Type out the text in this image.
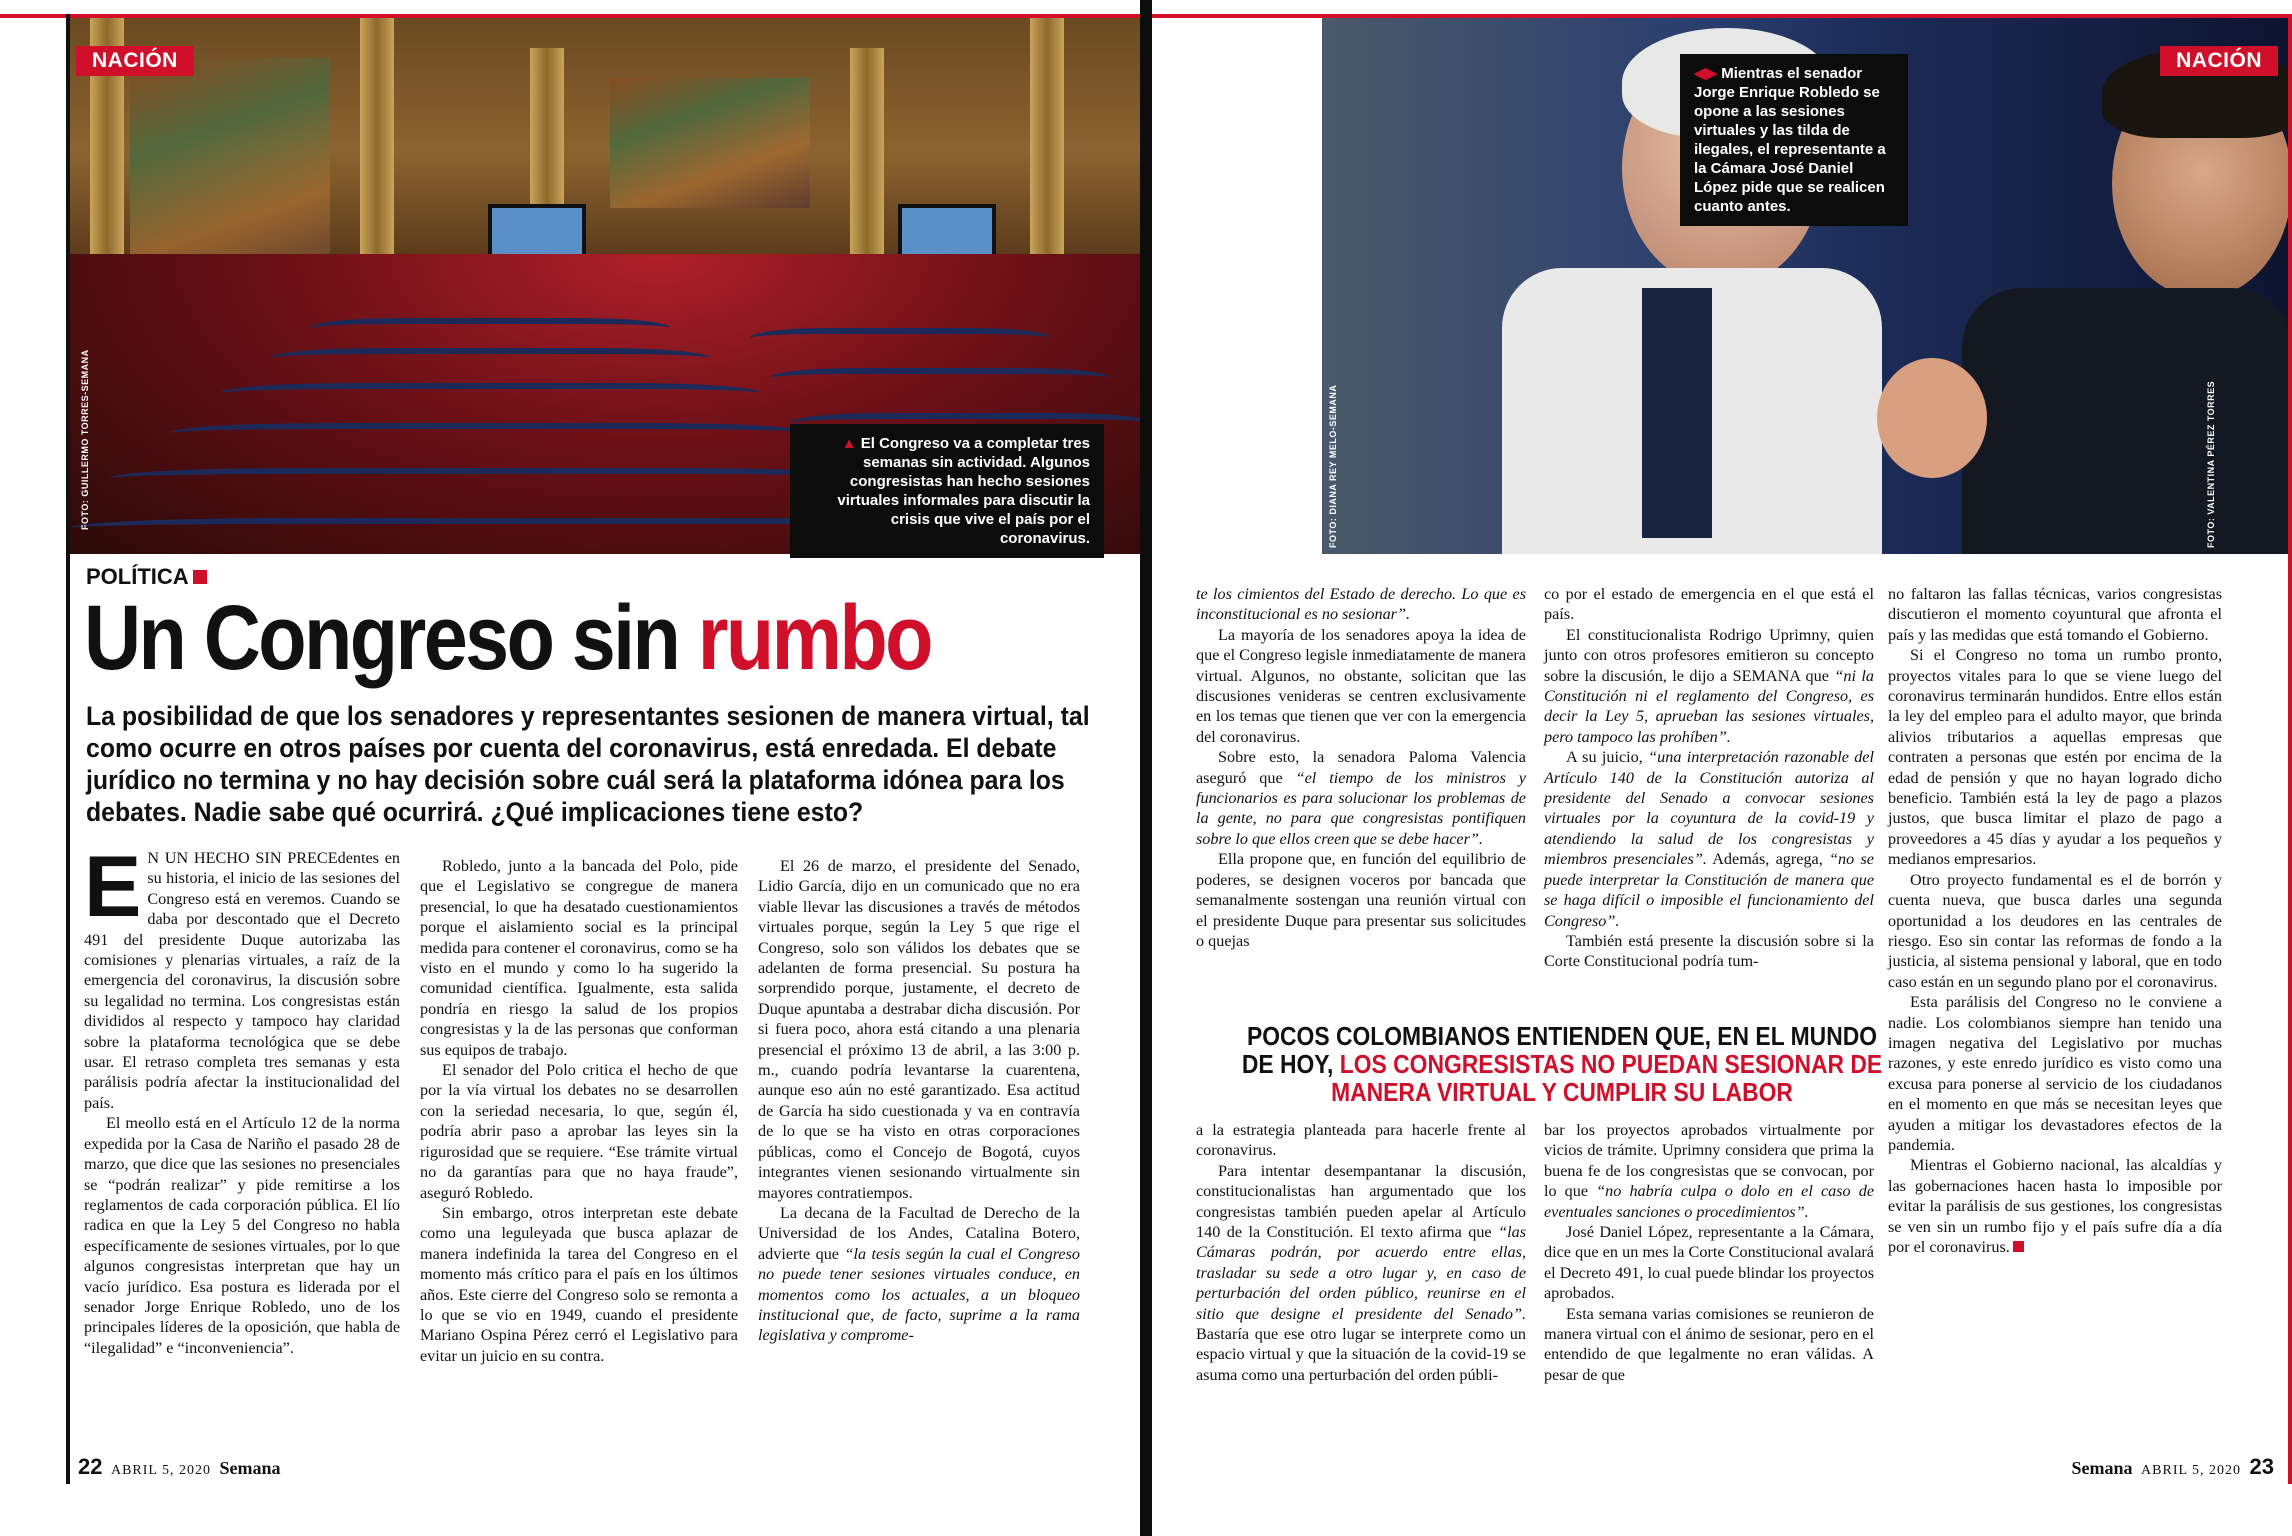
NACIÓN
FOTO: GUILLERMO TORRES-SEMANA	▲ El Congreso va a completar tres semanas sin actividad. Algunos congresistas han hecho sesiones virtuales informales para discutir la crisis que vive el país por el coronavirus.
POLÍTICA
Un Congreso sin rumbo
La posibilidad de que los senadores y representantes sesionen de manera virtual, tal como ocurre en otros países por cuenta del coronavirus, está enredada. El debate jurídico no termina y no hay decisión sobre cuál será la plataforma idónea para los debates. Nadie sabe qué ocurrirá. ¿Qué implicaciones tiene esto?

E N UN HECHO SIN PRECEdentes en su historia, el inicio de las sesiones del Congreso está en veremos. Cuando se daba por descontado que el Decreto 491 del presidente Duque autorizaba las comisiones y plenarias virtuales, a raíz de la emergencia del coronavirus, la discusión sobre su legalidad no termina. Los congresistas están divididos al respecto y tampoco hay claridad sobre la plataforma tecnológica que se debe usar. El retraso completa tres semanas y esta parálisis podría afectar la institucionalidad del país.

El meollo está en el Artículo 12 de la norma expedida por la Casa de Nariño el pasado 28 de marzo, que dice que las sesiones no presenciales se “podrán realizar” y pide remitirse a los reglamentos de cada corporación pública. El lío radica en que la Ley 5 del Congreso no habla específicamente de sesiones virtuales, por lo que algunos congresistas interpretan que hay un vacío jurídico. Esa postura es liderada por el senador Jorge Enrique Robledo, uno de los principales líderes de la oposición, que habla de “ilegalidad” e “inconveniencia”.

Robledo, junto a la bancada del Polo, pide que el Legislativo se congregue de manera presencial, lo que ha desatado cuestionamientos porque el aislamiento social es la principal medida para contener el coronavirus, como se ha visto en el mundo y como lo ha sugerido la comunidad científica. Igualmente, esta salida pondría en riesgo la salud de los propios congresistas y la de las personas que conforman sus equipos de trabajo.

El senador del Polo critica el hecho de que por la vía virtual los debates no se desarrollen con la seriedad necesaria, lo que, según él, podría abrir paso a aprobar las leyes sin la rigurosidad que se requiere. “Ese trámite virtual no da garantías para que no haya fraude”, aseguró Robledo.

Sin embargo, otros interpretan este debate como una leguleyada que busca aplazar de manera indefinida la tarea del Congreso en el momento más crítico para el país en los últimos años. Este cierre del Congreso solo se remonta a lo que se vio en 1949, cuando el presidente Mariano Ospina Pérez cerró el Legislativo para evitar un juicio en su contra.

El 26 de marzo, el presidente del Senado, Lidio García, dijo en un comunicado que no era viable llevar las discusiones a través de métodos virtuales porque, según la Ley 5 que rige el Congreso, solo son válidos los debates que se adelanten de forma presencial. Su postura ha sorprendido porque, justamente, el decreto de Duque apuntaba a destrabar dicha discusión. Por si fuera poco, ahora está citando a una plenaria presencial el próximo 13 de abril, a las 3:00 p. m., cuando podría levantarse la cuarentena, aunque eso aún no esté garantizado. Esa actitud de García ha sido cuestionada y va en contravía de lo que se ha visto en otras corporaciones públicas, como el Concejo de Bogotá, cuyos integrantes vienen sesionando virtualmente sin mayores contratiempos.

La decana de la Facultad de Derecho de la Universidad de los Andes, Catalina Botero, advierte que “la tesis según la cual el Congreso no puede tener sesiones virtuales conduce, en momentos como los actuales, a un bloqueo institucional que, de facto, suprime a la rama legislativa y comprome-

22 ABRIL 5, 2020 Semana
◀▶ Mientras el senador Jorge Enrique Robledo se opone a las sesiones virtuales y las tilda de ilegales, el representante a la Cámara José Daniel López pide que se realicen cuanto antes.
NACIÓN
FOTO: DIANA REY MELO-SEMANA	FOTO: VALENTINA PÉREZ TORRES

te los cimientos del Estado de derecho. Lo que es inconstitucional es no sesionar”.

La mayoría de los senadores apoya la idea de que el Congreso legisle inmediatamente de manera virtual. Algunos, no obstante, solicitan que las discusiones venideras se centren exclusivamente en los temas que tienen que ver con la emergencia del coronavirus.

Sobre esto, la senadora Paloma Valencia aseguró que “el tiempo de los ministros y funcionarios es para solucionar los problemas de la gente, no para que congresistas pontifiquen sobre lo que ellos creen que se debe hacer”.

Ella propone que, en función del equilibrio de poderes, se designen voceros por bancada que semanalmente sostengan una reunión virtual con el presidente Duque para presentar sus solicitudes o quejas

co por el estado de emergencia en el que está el país.

El constitucionalista Rodrigo Uprimny, quien junto con otros profesores emitieron su concepto sobre la discusión, le dijo a SEMANA que “ni la Constitución ni el reglamento del Congreso, es decir la Ley 5, aprueban las sesiones virtuales, pero tampoco las prohíben”.

A su juicio, “una interpretación razonable del Artículo 140 de la Constitución autoriza al presidente del Senado a convocar sesiones virtuales por la coyuntura de la covid-19 y atendiendo la salud de los congresistas y miembros presenciales”. Además, agrega, “no se puede interpretar la Constitución de manera que se haga difícil o imposible el funcionamiento del Congreso”.

También está presente la discusión sobre si la Corte Constitucional podría tum-

no faltaron las fallas técnicas, varios congresistas discutieron el momento coyuntural que afronta el país y las medidas que está tomando el Gobierno.

Si el Congreso no toma un rumbo pronto, proyectos vitales para lo que se viene luego del coronavirus terminarán hundidos. Entre ellos están la ley del empleo para el adulto mayor, que brinda alivios tributarios a aquellas empresas que contraten a personas que estén por encima de la edad de pensión y que no hayan logrado dicho beneficio. También está la ley de pago a plazos justos, que busca limitar el plazo de pago a proveedores a 45 días y ayudar a los pequeños y medianos empresarios.

Otro proyecto fundamental es el de borrón y cuenta nueva, que busca darles una segunda oportunidad a los deudores en las centrales de riesgo. Eso sin contar las reformas de fondo a la justicia, al sistema pensional y laboral, que en todo caso están en un segundo plano por el coronavirus.

Esta parálisis del Congreso no le conviene a nadie. Los colombianos siempre han tenido una imagen negativa del Legislativo por muchas razones, y este enredo jurídico es visto como una excusa para ponerse al servicio de los ciudadanos en el momento en que más se necesitan leyes que ayuden a mitigar los devastadores efectos de la pandemia.

Mientras el Gobierno nacional, las alcaldías y las gobernaciones hacen hasta lo imposible por evitar la parálisis de sus gestiones, los congresistas se ven sin un rumbo fijo y el país sufre día a día por el coronavirus.

a la estrategia planteada para hacerle frente al coronavirus.

Para intentar desempantanar la discusión, constitucionalistas han argumentado que los congresistas también pueden apelar al Artículo 140 de la Constitución. El texto afirma que “las Cámaras podrán, por acuerdo entre ellas, trasladar su sede a otro lugar y, en caso de perturbación del orden público, reunirse en el sitio que designe el presidente del Senado”. Bastaría que ese otro lugar se interprete como un espacio virtual y que la situación de la covid-19 se asuma como una perturbación del orden públi-

bar los proyectos aprobados virtualmente por vicios de trámite. Uprimny considera que prima la buena fe de los congresistas que se convocan, por lo que “no habría culpa o dolo en el caso de eventuales sanciones o procedimientos”.

José Daniel López, representante a la Cámara, dice que en un mes la Corte Constitucional avalará el Decreto 491, lo cual puede blindar los proyectos aprobados.

Esta semana varias comisiones se reunieron de manera virtual con el ánimo de sesionar, pero en el entendido de que legalmente no eran válidas. A pesar de que

Semana ABRIL 5, 2020 23
POCOS COLOMBIANOS ENTIENDEN QUE, EN EL MUNDO DE HOY, LOS CONGRESISTAS NO PUEDAN SESIONAR DE MANERA VIRTUAL Y CUMPLIR SU LABOR
